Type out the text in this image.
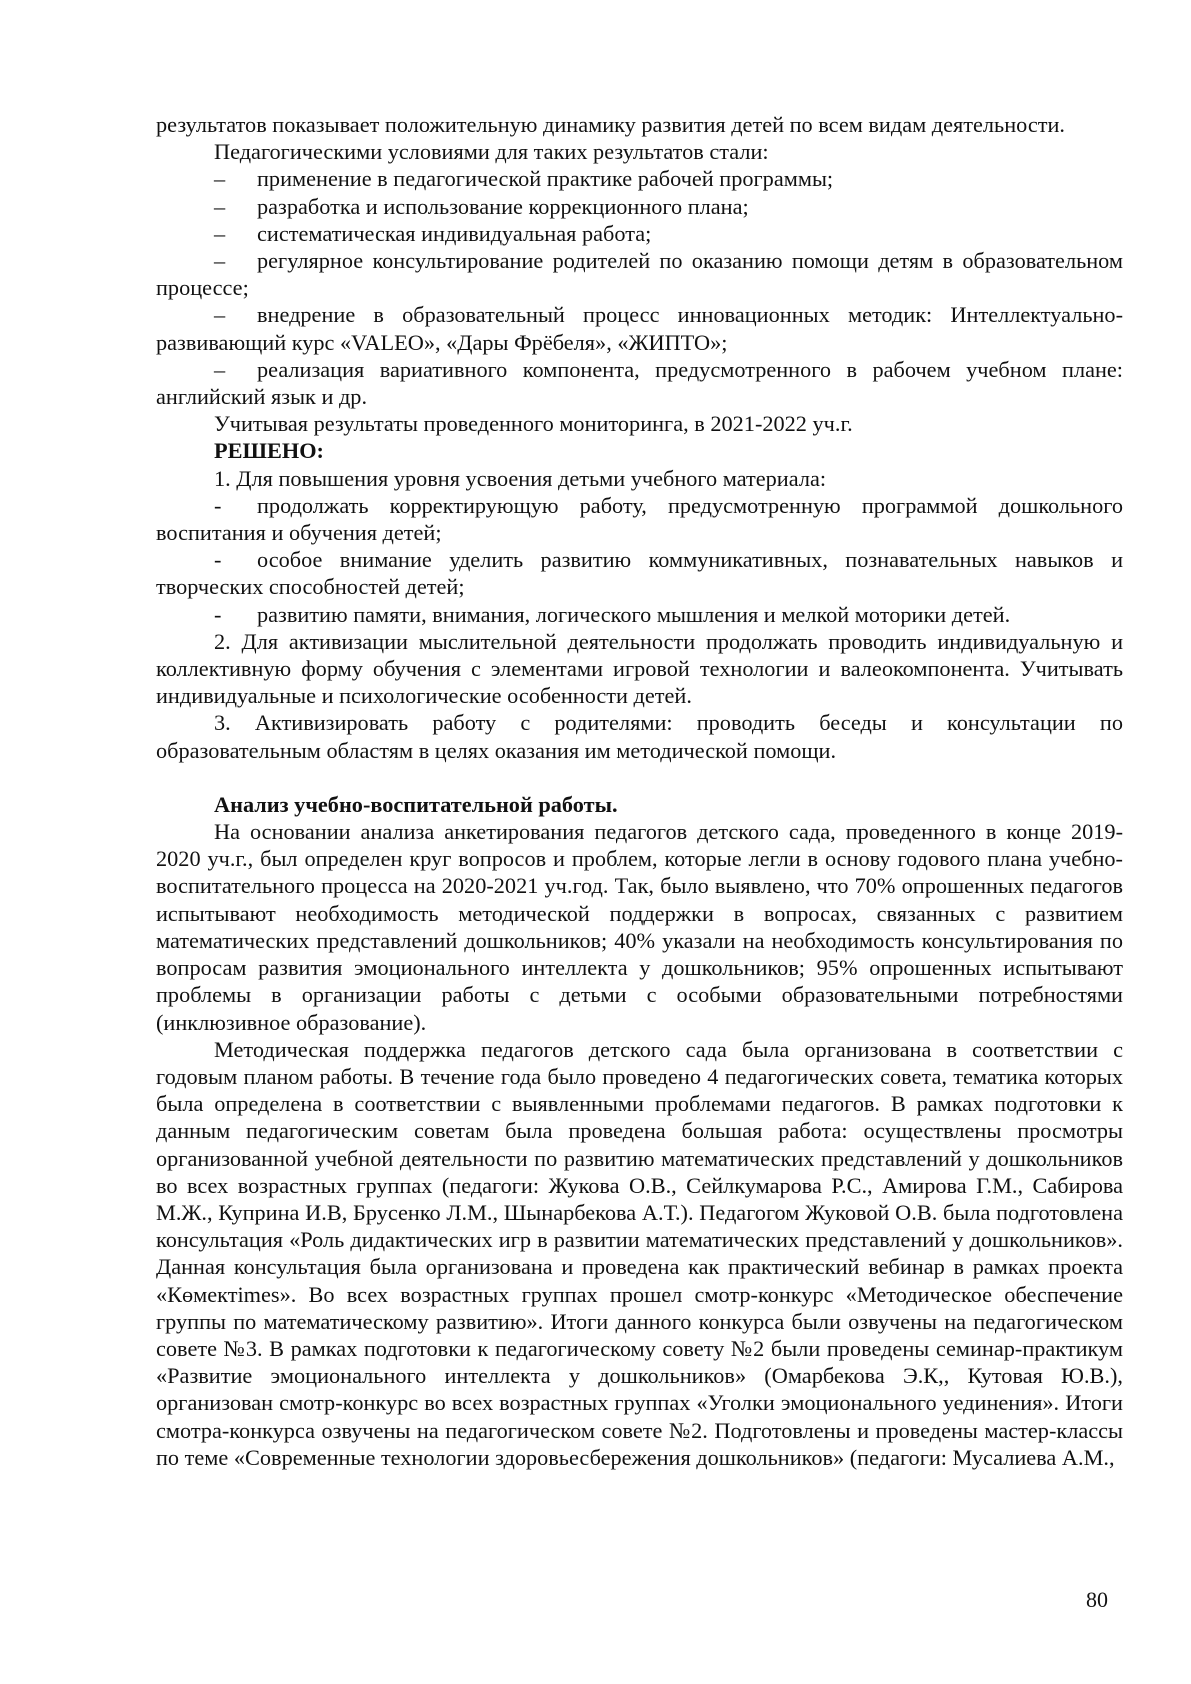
результатов показывает положительную динамику развития детей по всем видам деятельности.

Педагогическими условиями для таких результатов стали:

– применение в педагогической практике рабочей программы;

– разработка и использование коррекционного плана;

– систематическая индивидуальная работа;

– регулярное консультирование родителей по оказанию помощи детям в образовательном процессе;

– внедрение в образовательный процесс инновационных методик: Интеллектуально-развивающий курс «VALEO», «Дары Фрёбеля», «ЖИПТО»;

– реализация вариативного компонента, предусмотренного в рабочем учебном плане: английский язык и др.

Учитывая результаты проведенного мониторинга, в 2021-2022 уч.г.

РЕШЕНО:

1. Для повышения уровня усвоения детьми учебного материала:

- продолжать корректирующую работу, предусмотренную программой дошкольного воспитания и обучения детей;

- особое внимание уделить развитию коммуникативных, познавательных навыков и творческих способностей детей;

- развитию памяти, внимания, логического мышления и мелкой моторики детей.

2. Для активизации мыслительной деятельности продолжать проводить индивидуальную и коллективную форму обучения с элементами игровой технологии и валеокомпонента. Учитывать индивидуальные и психологические особенности детей.

3. Активизировать работу с родителями: проводить беседы и консультации по образовательным областям в целях оказания им методической помощи.

Анализ учебно-воспитательной работы.

На основании анализа анкетирования педагогов детского сада, проведенного в конце 2019-2020 уч.г., был определен круг вопросов и проблем, которые легли в основу годового плана учебно-воспитательного процесса на 2020-2021 уч.год. Так, было выявлено, что 70% опрошенных педагогов испытывают необходимость методической поддержки в вопросах, связанных с развитием математических представлений дошкольников; 40% указали на необходимость консультирования по вопросам развития эмоционального интеллекта у дошкольников; 95% опрошенных испытывают проблемы в организации работы с детьми с особыми образовательными потребностями (инклюзивное образование).

Методическая поддержка педагогов детского сада была организована в соответствии с годовым планом работы. В течение года было проведено 4 педагогических совета, тематика которых была определена в соответствии с выявленными проблемами педагогов. В рамках подготовки к данным педагогическим советам была проведена большая работа: осуществлены просмотры организованной учебной деятельности по развитию математических представлений у дошкольников во всех возрастных группах (педагоги: Жукова О.В., Сейлкумарова Р.С., Амирова Г.М., Сабирова М.Ж., Куприна И.В, Брусенко Л.М., Шынарбекова А.Т.). Педагогом Жуковой О.В. была подготовлена консультация «Роль дидактических игр в развитии математических представлений у дошкольников». Данная консультация была организована и проведена как практический вебинар в рамках проекта «Көмектimes». Во всех возрастных группах прошел смотр-конкурс «Методическое обеспечение группы по математическому развитию». Итоги данного конкурса были озвучены на педагогическом совете №3. В рамках подготовки к педагогическому совету №2 были проведены семинар-практикум «Развитие эмоционального интеллекта у дошкольников» (Омарбекова Э.К,, Кутовая Ю.В.), организован смотр-конкурс во всех возрастных группах «Уголки эмоционального уединения». Итоги смотра-конкурса озвучены на педагогическом совете №2. Подготовлены и проведены мастер-классы по теме «Современные технологии здоровьесбережения дошкольников» (педагоги: Мусалиева А.М.,

80
